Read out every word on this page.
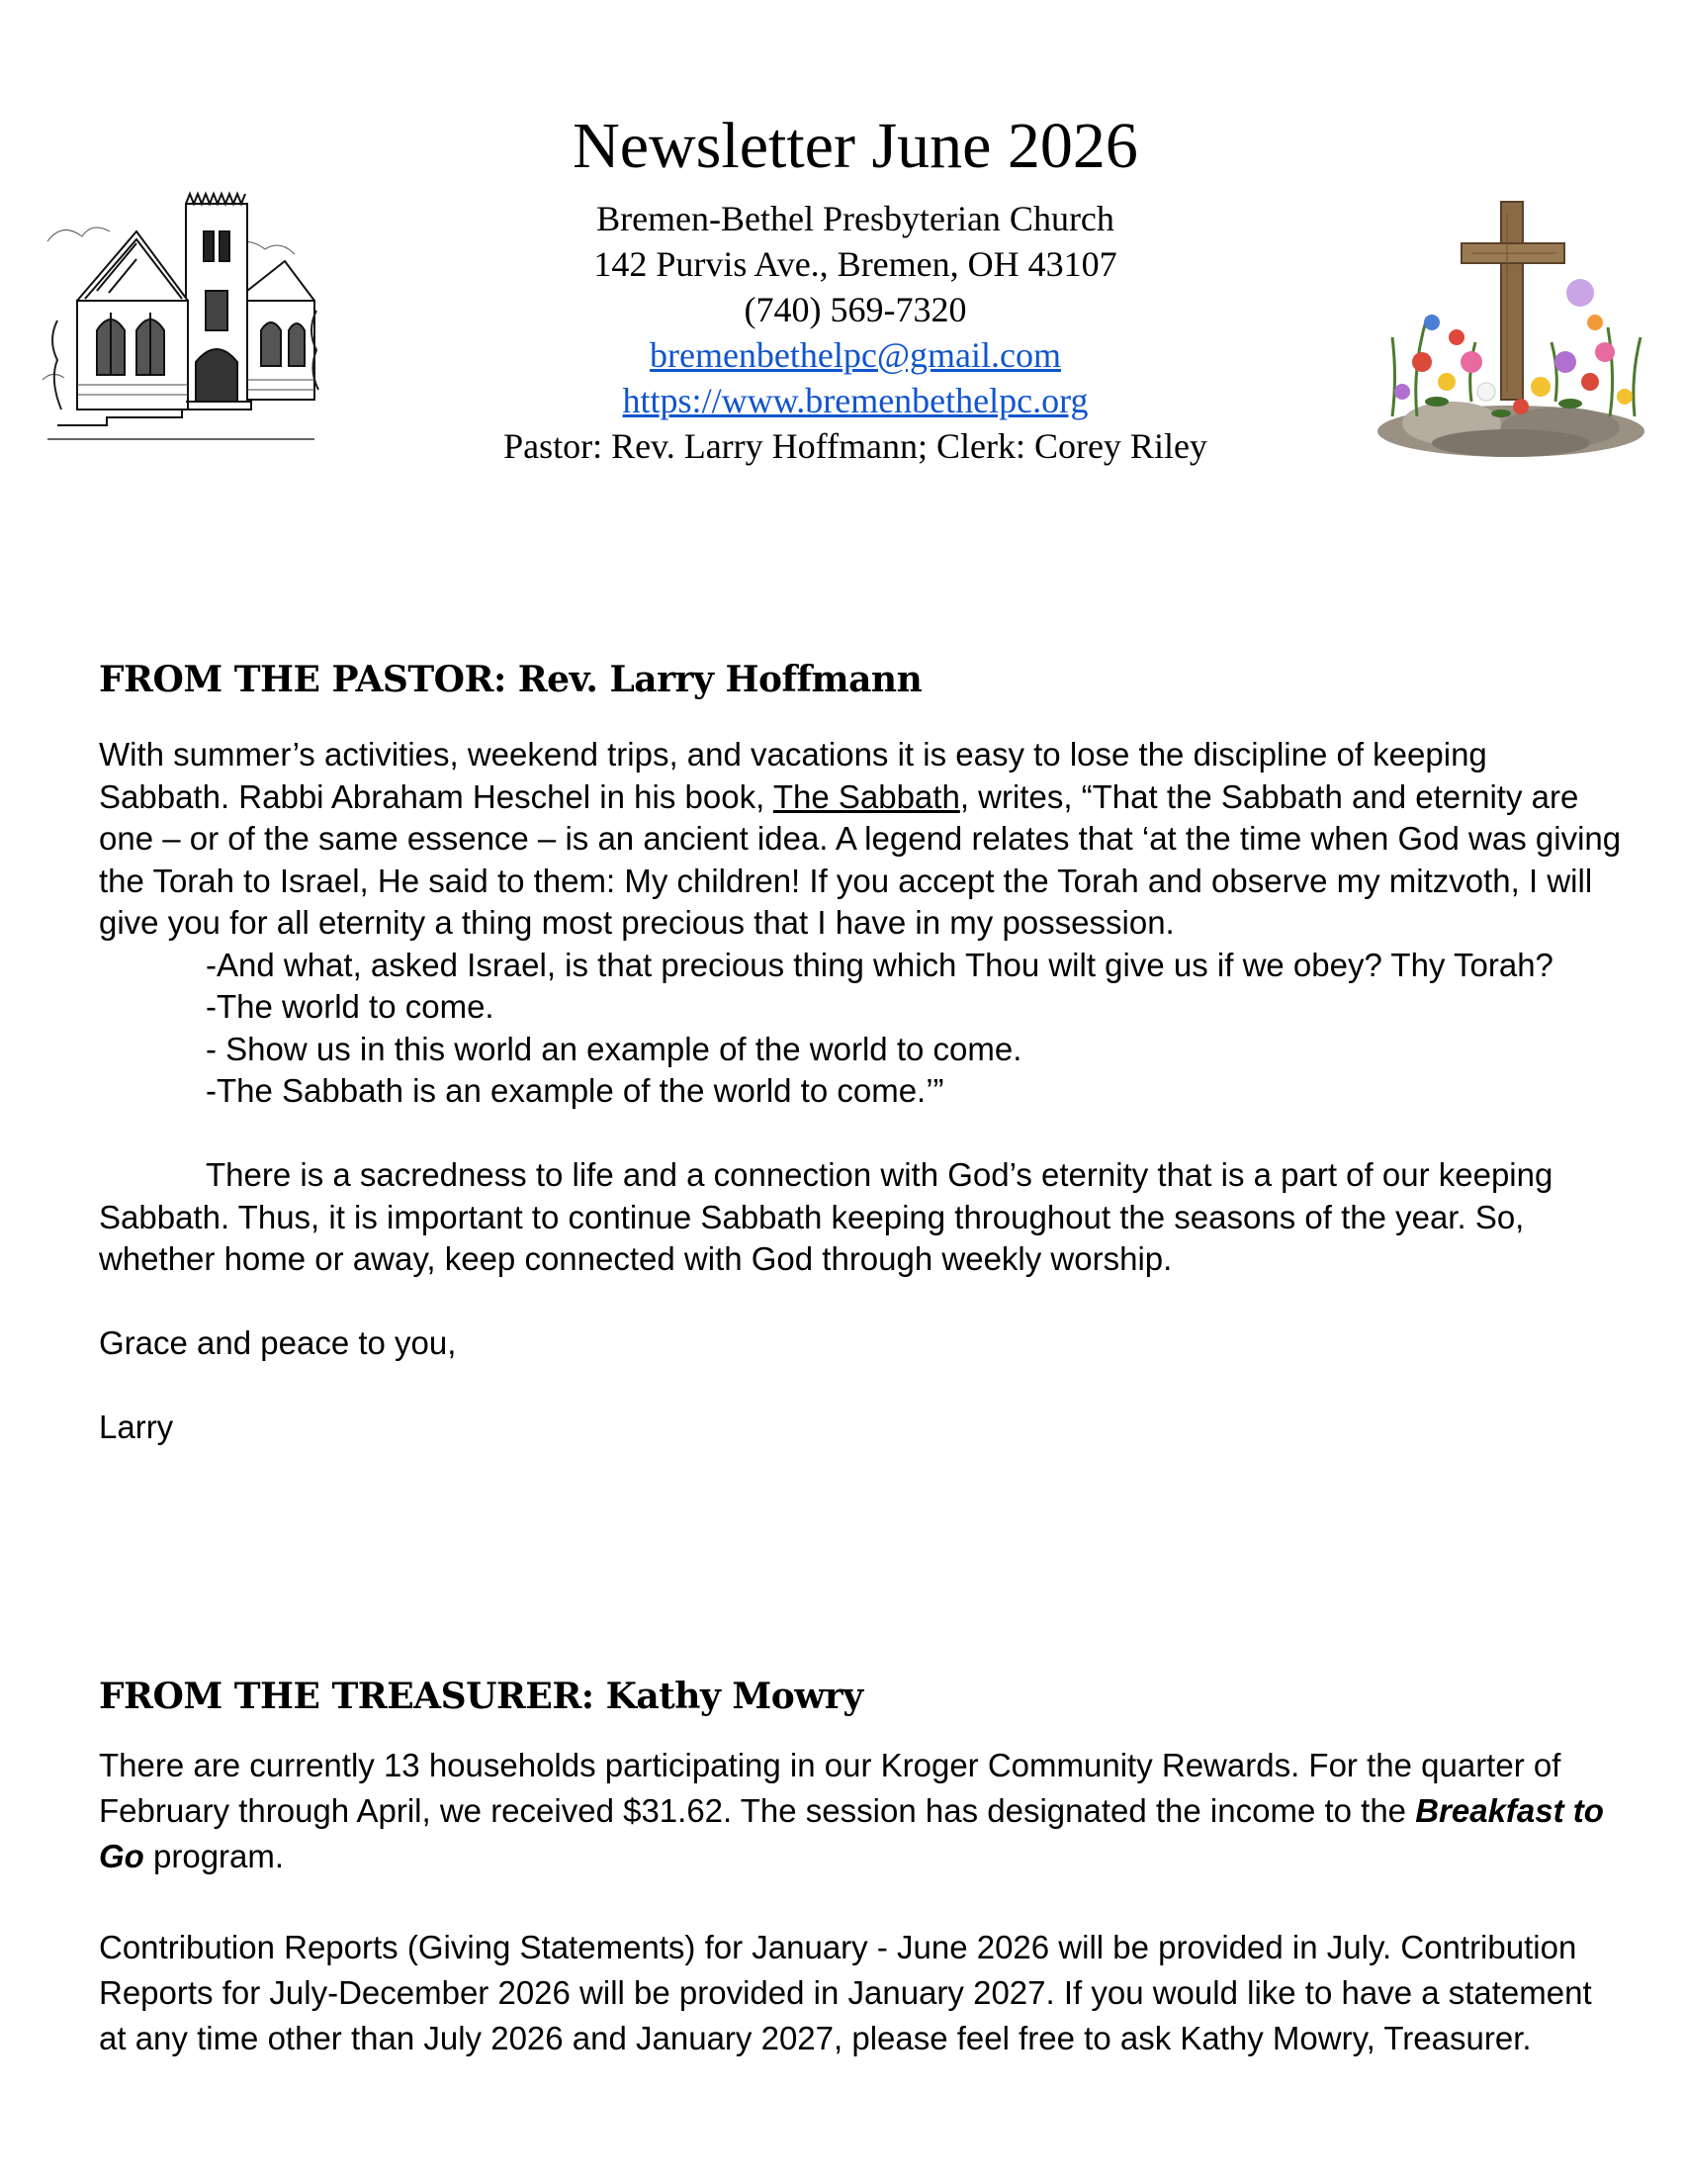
Newsletter June 2026

Bremen-Bethel Presbyterian Church

142 Purvis Ave., Bremen, OH 43107

(740) 569-7320

bremenbethelpc@gmail.com

https://www.bremenbethelpc.org

Pastor: Rev. Larry Hoffmann; Clerk: Corey Riley

FROM THE PASTOR: Rev. Larry Hoffmann

With summer’s activities, weekend trips, and vacations it is easy to lose the discipline of keeping Sabbath. Rabbi Abraham Heschel in his book, The Sabbath, writes, “That the Sabbath and eternity are one – or of the same essence – is an ancient idea. A legend relates that ‘at the time when God was giving the Torah to Israel, He said to them: My children! If you accept the Torah and observe my mitzvoth, I will give you for all eternity a thing most precious that I have in my possession.

-And what, asked Israel, is that precious thing which Thou wilt give us if we obey? Thy Torah?

-The world to come.

- Show us in this world an example of the world to come.

-The Sabbath is an example of the world to come.’”

There is a sacredness to life and a connection with God’s eternity that is a part of our keeping Sabbath. Thus, it is important to continue Sabbath keeping throughout the seasons of the year. So, whether home or away, keep connected with God through weekly worship.

Grace and peace to you,

Larry

FROM THE TREASURER: Kathy Mowry

There are currently 13 households participating in our Kroger Community Rewards. For the quarter of February through April, we received $31.62. The session has designated the income to the Breakfast to Go program.

Contribution Reports (Giving Statements) for January - June 2026 will be provided in July. Contribution Reports for July-December 2026 will be provided in January 2027. If you would like to have a statement at any time other than July 2026 and January 2027, please feel free to ask Kathy Mowry, Treasurer.
